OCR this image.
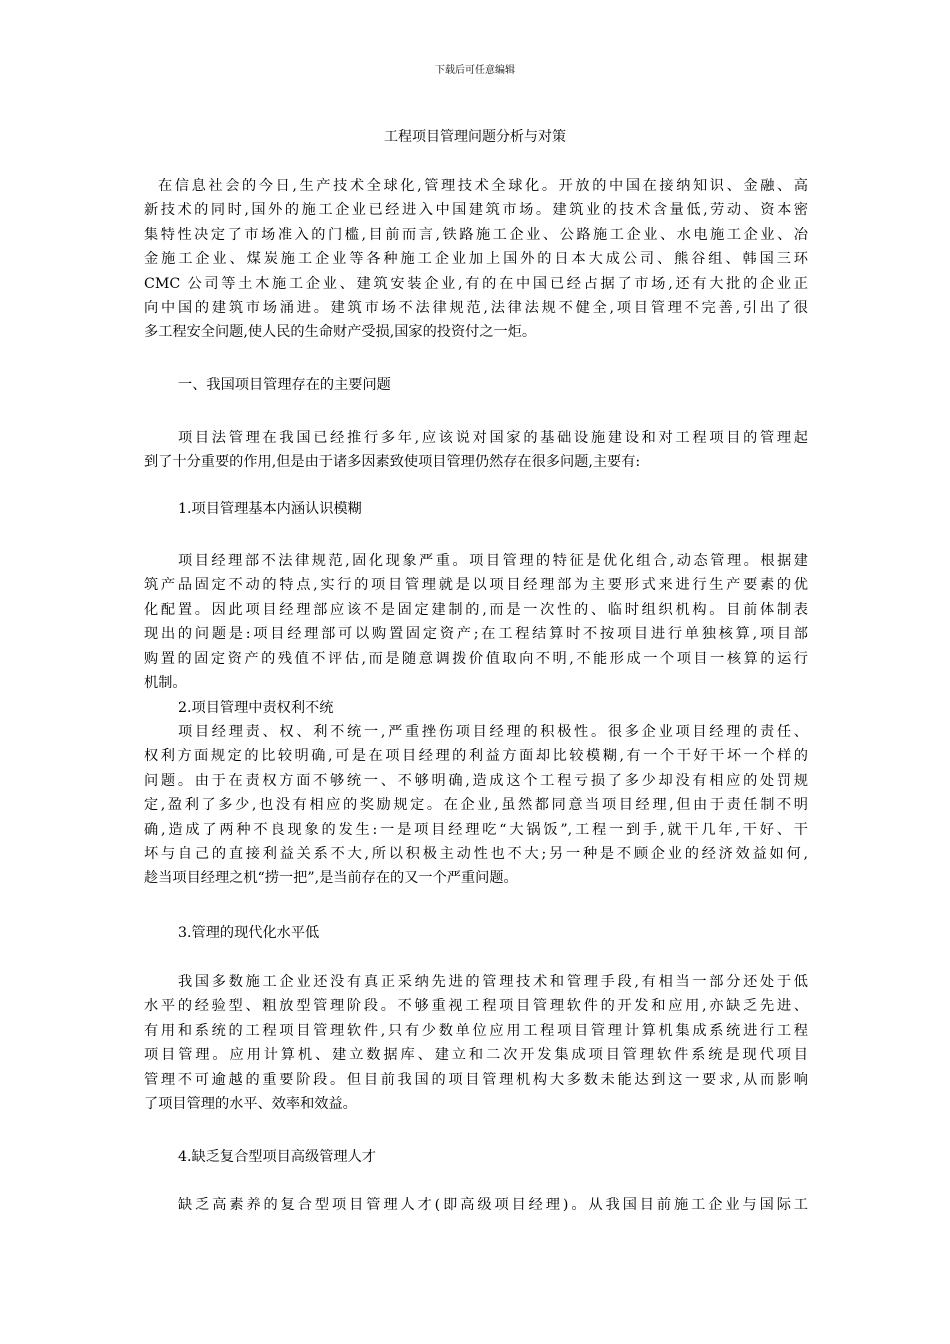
下载后可任意编辑
工程项目管理问题分析与对策
在信息社会的今日,生产技术全球化,管理技术全球化。开放的中国在接纳知识、金融、高
新技术的同时,国外的施工企业已经进入中国建筑市场。建筑业的技术含量低,劳动、资本密
集特性决定了市场准入的门槛,目前而言,铁路施工企业、公路施工企业、水电施工企业、冶
金施工企业、煤炭施工企业等各种施工企业加上国外的日本大成公司、熊谷组、韩国三环
CMC 公司等土木施工企业、建筑安装企业,有的在中国已经占据了市场,还有大批的企业正
向中国的建筑市场涌进。建筑市场不法律规范,法律法规不健全,项目管理不完善,引出了很
多工程安全问题,使人民的生命财产受损,国家的投资付之一炬。
一、我国项目管理存在的主要问题
项目法管理在我国已经推行多年,应该说对国家的基础设施建设和对工程项目的管理起
到了十分重要的作用,但是由于诸多因素致使项目管理仍然存在很多问题,主要有:
1.项目管理基本内涵认识模糊
项目经理部不法律规范,固化现象严重。项目管理的特征是优化组合,动态管理。根据建
筑产品固定不动的特点,实行的项目管理就是以项目经理部为主要形式来进行生产要素的优
化配置。因此项目经理部应该不是固定建制的,而是一次性的、临时组织机构。目前体制表
现出的问题是:项目经理部可以购置固定资产;在工程结算时不按项目进行单独核算,项目部
购置的固定资产的残值不评估,而是随意调拨价值取向不明,不能形成一个项目一核算的运行
机制。
2.项目管理中责权利不统
项目经理责、权、利不统一,严重挫伤项目经理的积极性。很多企业项目经理的责任、
权利方面规定的比较明确,可是在项目经理的利益方面却比较模糊,有一个干好干坏一个样的
问题。由于在责权方面不够统一、不够明确,造成这个工程亏损了多少却没有相应的处罚规
定,盈利了多少,也没有相应的奖励规定。在企业,虽然都同意当项目经理,但由于责任制不明
确,造成了两种不良现象的发生:一是项目经理吃“大锅饭”,工程一到手,就干几年,干好、干
坏与自己的直接利益关系不大,所以积极主动性也不大;另一种是不顾企业的经济效益如何,
趁当项目经理之机“捞一把”,是当前存在的又一个严重问题。
3.管理的现代化水平低
我国多数施工企业还没有真正采纳先进的管理技术和管理手段,有相当一部分还处于低
水平的经验型、粗放型管理阶段。不够重视工程项目管理软件的开发和应用,亦缺乏先进、
有用和系统的工程项目管理软件,只有少数单位应用工程项目管理计算机集成系统进行工程
项目管理。应用计算机、建立数据库、建立和二次开发集成项目管理软件系统是现代项目
管理不可逾越的重要阶段。但目前我国的项目管理机构大多数未能达到这一要求,从而影响
了项目管理的水平、效率和效益。
4.缺乏复合型项目高级管理人才
缺乏高素养的复合型项目管理人才(即高级项目经理)。从我国目前施工企业与国际工
